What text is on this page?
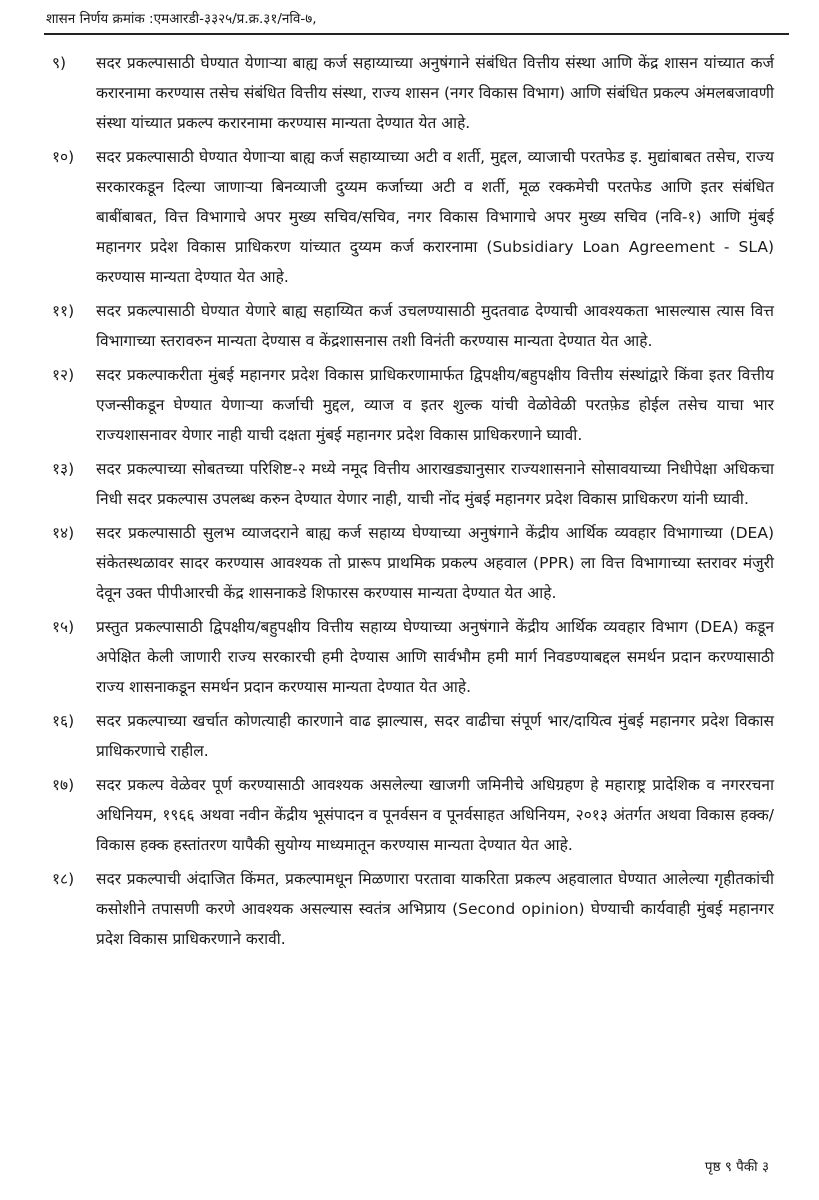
शासन निर्णय क्रमांक :एमआरडी-३३२५/प्र.क्र.३१/नवि-७,
९)	सदर प्रकल्पासाठी घेण्यात येणाऱ्या बाह्य कर्ज सहाय्याच्या अनुषंगाने संबंधित वित्तीय संस्था आणि केंद्र शासन यांच्यात कर्ज करारनामा करण्यास तसेच संबंधित वित्तीय संस्था, राज्य शासन (नगर विकास विभाग) आणि संबंधित प्रकल्प अंमलबजावणी संस्था यांच्यात प्रकल्प करारनामा करण्यास मान्यता देण्यात येत आहे.
१०)	सदर प्रकल्पासाठी घेण्यात येणाऱ्या बाह्य कर्ज सहाय्याच्या अटी व शर्ती, मुद्दल, व्याजाची परतफेड इ. मुद्यांबाबत तसेच, राज्य सरकारकडून दिल्या जाणाऱ्या बिनव्याजी दुय्यम कर्जाच्या अटी व शर्ती, मूळ रक्कमेची परतफेड आणि इतर संबंधित बाबींबाबत, वित्त विभागाचे अपर मुख्य सचिव/सचिव, नगर विकास विभागाचे अपर मुख्य सचिव (नवि-१) आणि मुंबई महानगर प्रदेश विकास प्राधिकरण यांच्यात दुय्यम कर्ज करारनामा (Subsidiary Loan Agreement - SLA) करण्यास मान्यता देण्यात येत आहे.
११)	सदर प्रकल्पासाठी घेण्यात येणारे बाह्य सहाय्यित कर्ज उचलण्यासाठी मुदतवाढ देण्याची आवश्यकता भासल्यास त्यास वित्त विभागाच्या स्तरावरुन मान्यता देण्यास व केंद्रशासनास तशी विनंती करण्यास मान्यता देण्यात येत आहे.
१२)	सदर प्रकल्पाकरीता मुंबई महानगर प्रदेश विकास प्राधिकरणामार्फत द्विपक्षीय/बहुपक्षीय वित्तीय संस्थांद्वारे किंवा इतर वित्तीय एजन्सीकडून घेण्यात येणाऱ्या कर्जाची मुद्दल, व्याज व इतर शुल्क यांची वेळोवेळी परतफ़ेड होईल तसेच याचा भार राज्यशासनावर येणार नाही याची दक्षता मुंबई महानगर प्रदेश विकास प्राधिकरणाने घ्यावी.
१३)	सदर प्रकल्पाच्या सोबतच्या परिशिष्ट-२ मध्ये नमूद वित्तीय आराखड्यानुसार राज्यशासनाने सोसावयाच्या निधीपेक्षा अधिकचा निधी सदर प्रकल्पास उपलब्ध करुन देण्यात येणार नाही, याची नोंद मुंबई महानगर प्रदेश विकास प्राधिकरण यांनी घ्यावी.
१४)	सदर प्रकल्पासाठी सुलभ व्याजदराने बाह्य कर्ज सहाय्य घेण्याच्या अनुषंगाने केंद्रीय आर्थिक व्यवहार विभागाच्या (DEA) संकेतस्थळावर सादर करण्यास आवश्यक तो प्रारूप प्राथमिक प्रकल्प अहवाल (PPR) ला वित्त विभागाच्या स्तरावर मंजुरी देवून उक्त पीपीआरची केंद्र शासनाकडे शिफारस करण्यास मान्यता देण्यात येत आहे.
१५)	प्रस्तुत प्रकल्पासाठी द्विपक्षीय/बहुपक्षीय वित्तीय सहाय्य घेण्याच्या अनुषंगाने केंद्रीय आर्थिक व्यवहार विभाग (DEA) कडून अपेक्षित केली जाणारी राज्य सरकारची हमी देण्यास आणि सार्वभौम हमी मार्ग निवडण्याबद्दल समर्थन प्रदान करण्यासाठी राज्य शासनाकडून समर्थन प्रदान करण्यास मान्यता देण्यात येत आहे.
१६)	सदर प्रकल्पाच्या खर्चात कोणत्याही कारणाने वाढ झाल्यास, सदर वाढीचा संपूर्ण भार/दायित्व मुंबई महानगर प्रदेश विकास प्राधिकरणाचे राहील.
१७)	सदर प्रकल्प वेळेवर पूर्ण करण्यासाठी आवश्यक असलेल्या खाजगी जमिनीचे अधिग्रहण हे महाराष्ट्र प्रादेशिक व नगररचना अधिनियम, १९६६ अथवा नवीन केंद्रीय भूसंपादन व पूनर्वसन व पूनर्वसाहत अधिनियम, २०१३ अंतर्गत अथवा विकास हक्क/विकास हक्क हस्तांतरण यापैकी सुयोग्य माध्यमातून करण्यास मान्यता देण्यात येत आहे.
१८)	सदर प्रकल्पाची अंदाजित किंमत, प्रकल्पामधून मिळणारा परतावा याकरिता प्रकल्प अहवालात घेण्यात आलेल्या गृहीतकांची कसोशीने तपासणी करणे आवश्यक असल्यास स्वतंत्र अभिप्राय (Second opinion) घेण्याची कार्यवाही मुंबई महानगर प्रदेश विकास प्राधिकरणाने करावी.
पृष्ठ ९ पैकी ३
